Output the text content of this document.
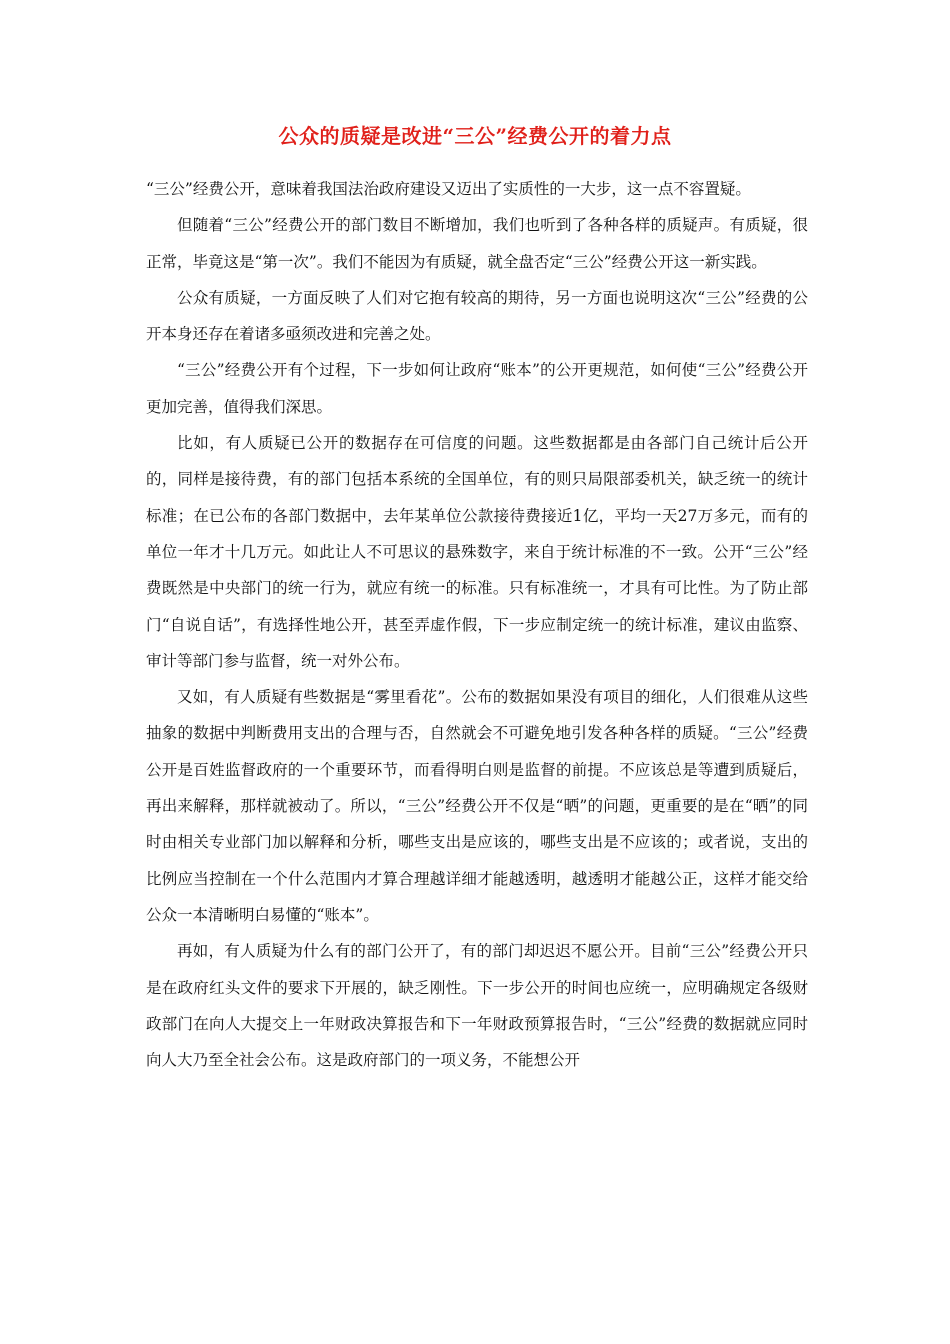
公众的质疑是改进“三公”经费公开的着力点

“三公”经费公开，意味着我国法治政府建设又迈出了实质性的一大步，这一点不容置疑。

但随着“三公”经费公开的部门数目不断增加，我们也听到了各种各样的质疑声。有质疑，很正常，毕竟这是“第一次”。我们不能因为有质疑，就全盘否定“三公”经费公开这一新实践。

公众有质疑，一方面反映了人们对它抱有较高的期待，另一方面也说明这次“三公”经费的公开本身还存在着诸多亟须改进和完善之处。

“三公”经费公开有个过程，下一步如何让政府“账本”的公开更规范，如何使“三公”经费公开更加完善，值得我们深思。

比如，有人质疑已公开的数据存在可信度的问题。这些数据都是由各部门自己统计后公开的，同样是接待费，有的部门包括本系统的全国单位，有的则只局限部委机关，缺乏统一的统计标准；在已公布的各部门数据中，去年某单位公款接待费接近1亿，平均一天27万多元，而有的单位一年才十几万元。如此让人不可思议的悬殊数字，来自于统计标准的不一致。公开“三公”经费既然是中央部门的统一行为，就应有统一的标准。只有标准统一，才具有可比性。为了防止部门“自说自话”，有选择性地公开，甚至弄虚作假，下一步应制定统一的统计标准，建议由监察、审计等部门参与监督，统一对外公布。

又如，有人质疑有些数据是“雾里看花”。公布的数据如果没有项目的细化，人们很难从这些抽象的数据中判断费用支出的合理与否，自然就会不可避免地引发各种各样的质疑。“三公”经费公开是百姓监督政府的一个重要环节，而看得明白则是监督的前提。不应该总是等遭到质疑后，再出来解释，那样就被动了。所以，“三公”经费公开不仅是“晒”的问题，更重要的是在“晒”的同时由相关专业部门加以解释和分析，哪些支出是应该的，哪些支出是不应该的；或者说，支出的比例应当控制在一个什么范围内才算合理越详细才能越透明，越透明才能越公正，这样才能交给公众一本清晰明白易懂的“账本”。

再如，有人质疑为什么有的部门公开了，有的部门却迟迟不愿公开。目前“三公”经费公开只是在政府红头文件的要求下开展的，缺乏刚性。下一步公开的时间也应统一，应明确规定各级财政部门在向人大提交上一年财政决算报告和下一年财政预算报告时，“三公”经费的数据就应同时向人大乃至全社会公布。这是政府部门的一项义务，不能想公开
